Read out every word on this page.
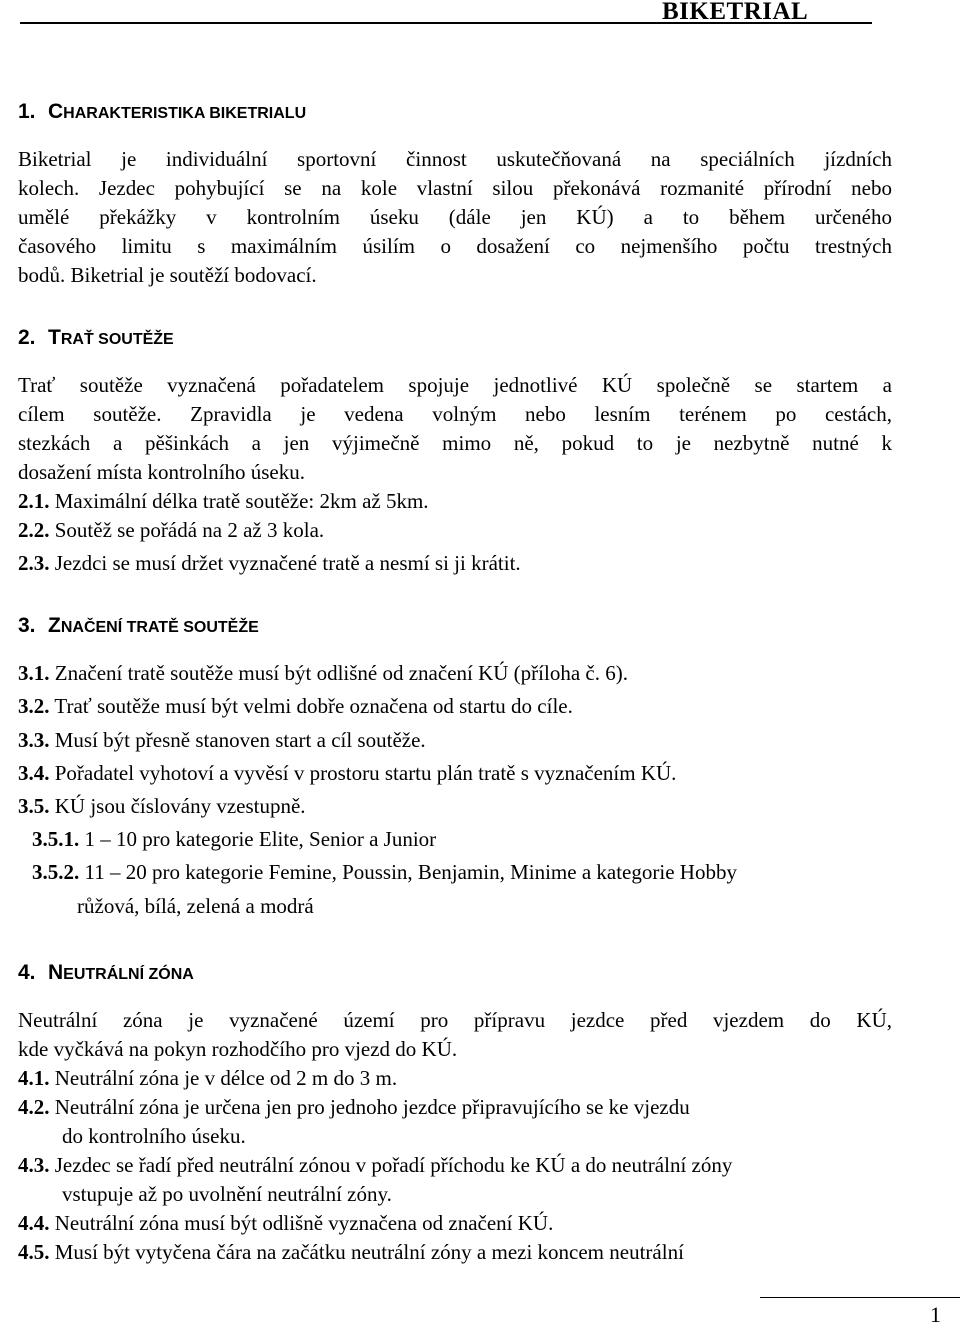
BIKETRIAL
1. CHARAKTERISTIKA BIKETRIALU
Biketrial je individuální sportovní činnost uskutečňovaná na speciálních jízdních
kolech. Jezdec pohybující se na kole vlastní silou překonává rozmanité přírodní nebo
umělé překážky v kontrolním úseku (dále jen KÚ) a to během určeného
časového limitu s maximálním úsilím o dosažení co nejmenšího počtu trestných
bodů. Biketrial je soutěží bodovací.
2. TRAŤ SOUTĚŽE
Trať soutěže vyznačená pořadatelem spojuje jednotlivé KÚ společně se startem a
cílem soutěže. Zpravidla je vedena volným nebo lesním terénem po cestách,
stezkách a pěšinkách a jen výjimečně mimo ně, pokud to je nezbytně nutné k
dosažení místa kontrolního úseku.
2.1. Maximální délka tratě soutěže: 2km až 5km.
2.2. Soutěž se pořádá na 2 až 3 kola.
2.3. Jezdci se musí držet vyznačené tratě a nesmí si ji krátit.
3. ZNAČENÍ TRATĚ SOUTĚŽE
3.1. Značení tratě soutěže musí být odlišné od značení KÚ (příloha č. 6).
3.2. Trať soutěže musí být velmi dobře označena od startu do cíle.
3.3. Musí být přesně stanoven start a cíl soutěže.
3.4. Pořadatel vyhotoví a vyvěsí v prostoru startu plán tratě s vyznačením KÚ.
3.5. KÚ jsou číslovány vzestupně.
3.5.1. 1 – 10 pro kategorie Elite, Senior a Junior
3.5.2. 11 – 20 pro kategorie Femine, Poussin, Benjamin, Minime a kategorie Hobby
růžová, bílá, zelená a modrá
4. NEUTRÁLNÍ ZÓNA
Neutrální zóna je vyznačené území pro přípravu jezdce před vjezdem do KÚ,
kde vyčkává na pokyn rozhodčího pro vjezd do KÚ.
4.1. Neutrální zóna je v délce od 2 m do 3 m.
4.2. Neutrální zóna je určena jen pro jednoho jezdce připravujícího se ke vjezdu
do kontrolního úseku.
4.3. Jezdec se řadí před neutrální zónou v pořadí příchodu ke KÚ a do neutrální zóny
vstupuje až po uvolnění neutrální zóny.
4.4. Neutrální zóna musí být odlišně vyznačena od značení KÚ.
4.5. Musí být vytyčena čára na začátku neutrální zóny a mezi koncem neutrální
1
